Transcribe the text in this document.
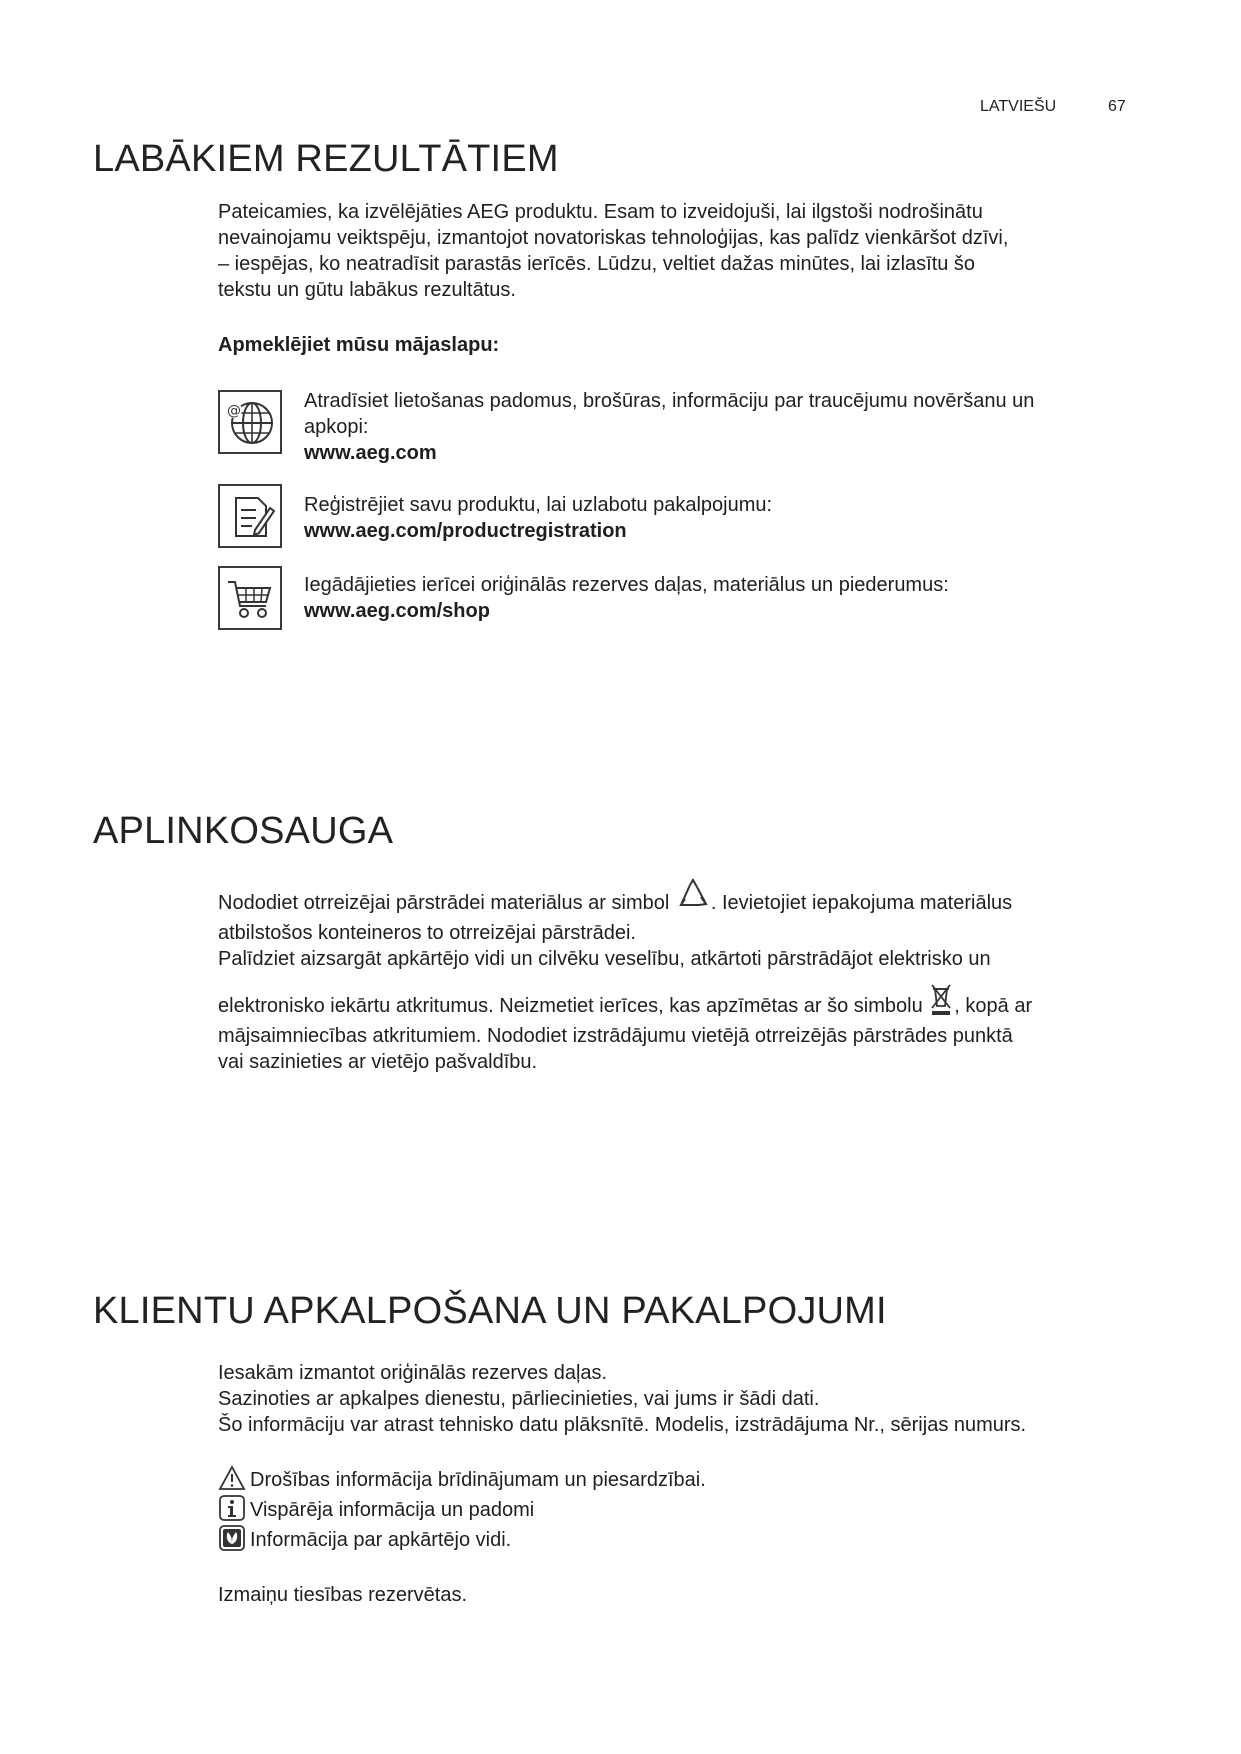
LATVIEŠU	67
LABĀKIEM REZULTĀTIEM

Pateicamies, ka izvēlējāties AEG produktu. Esam to izveidojuši, lai ilgstoši nodrošinātu

nevainojamu veiktspēju, izmantojot novatoriskas tehnoloģijas, kas palīdz vienkāršot dzīvi,

– iespējas, ko neatradīsit parastās ierīcēs. Lūdzu, veltiet dažas minūtes, lai izlasītu šo

tekstu un gūtu labākus rezultātus.

Apmeklējiet mūsu mājaslapu:
@	Atradīsiet lietošanas padomus, brošūras, informāciju par traucējumu novēršanu un
apkopi:
www.aeg.com
Reģistrējiet savu produktu, lai uzlabotu pakalpojumu:
www.aeg.com/productregistration
Iegādājieties ierīcei oriģinālās rezerves daļas, materiālus un piederumus:
www.aeg.com/shop
APLINKOSAUGA

Nododiet otrreizējai pārstrādei materiālus ar simbol . Ievietojiet iepakojuma materiālus

atbilstošos konteineros to otrreizējai pārstrādei.

Palīdziet aizsargāt apkārtējo vidi un cilvēku veselību, atkārtoti pārstrādājot elektrisko un

elektronisko iekārtu atkritumus. Neizmetiet ierīces, kas apzīmētas ar šo simbolu , kopā ar

mājsaimniecības atkritumiem. Nododiet izstrādājumu vietējā otrreizējās pārstrādes punktā

vai sazinieties ar vietējo pašvaldību.

KLIENTU APKALPOŠANA UN PAKALPOJUMI

Iesakām izmantot oriģinālās rezerves daļas.

Sazinoties ar apkalpes dienestu, pārliecinieties, vai jums ir šādi dati.

Šo informāciju var atrast tehnisko datu plāksnītē. Modelis, izstrādājuma Nr., sērijas numurs.

Drošības informācija brīdinājumam un piesardzībai.
Vispārēja informācija un padomi
Informācija par apkārtējo vidi.
Izmaiņu tiesības rezervētas.
